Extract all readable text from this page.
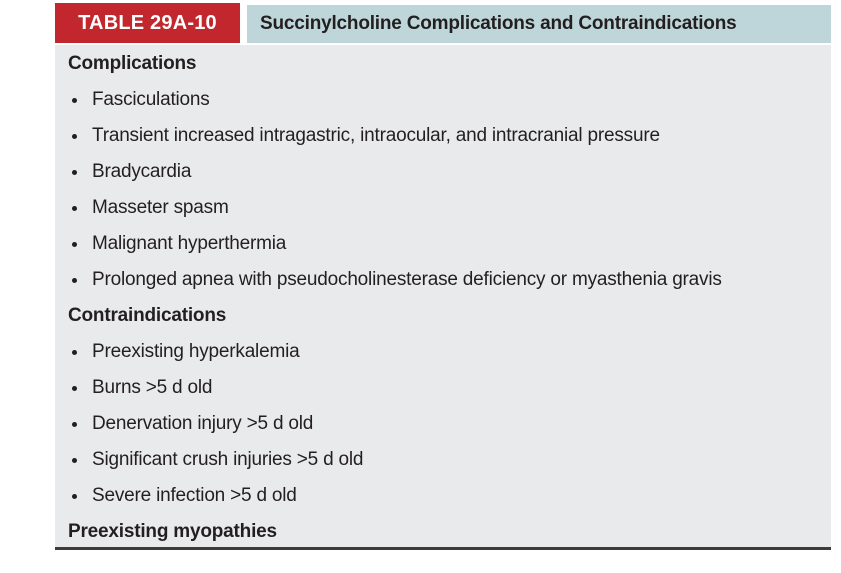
TABLE 29A-10 Succinylcholine Complications and Contraindications
Complications
Fasciculations
Transient increased intragastric, intraocular, and intracranial pressure
Bradycardia
Masseter spasm
Malignant hyperthermia
Prolonged apnea with pseudocholinesterase deficiency or myasthenia gravis
Contraindications
Preexisting hyperkalemia
Burns >5 d old
Denervation injury >5 d old
Significant crush injuries >5 d old
Severe infection >5 d old
Preexisting myopathies
